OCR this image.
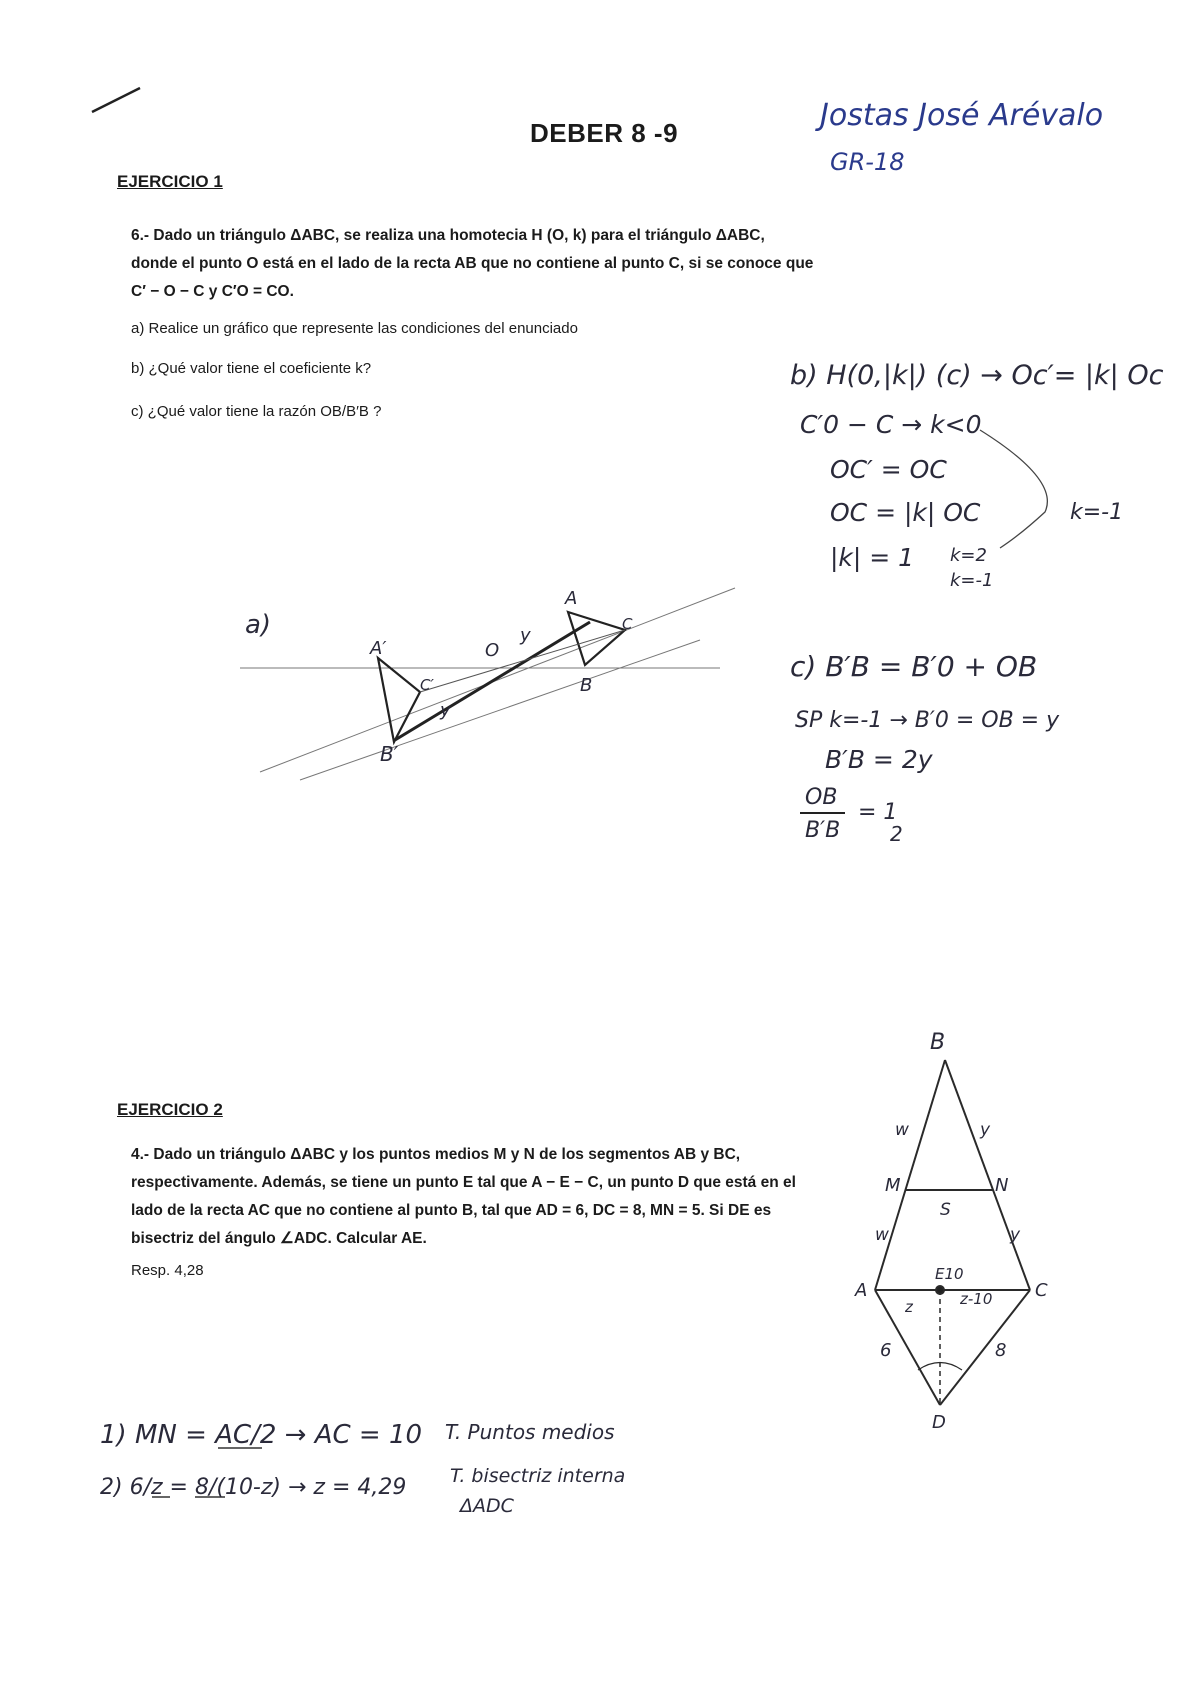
DEBER 8 -9	Jostas José Arévalo
GR-18
EJERCICIO 1
6.- Dado un triángulo ΔABC, se realiza una homotecia H (O, k) para el triángulo ΔABC,
donde el punto O está en el lado de la recta AB que no contiene al punto C, si se conoce que
C′ − O − C y C′O = CO.
a) Realice un gráfico que represente las condiciones del enunciado
b) ¿Qué valor tiene el coeficiente k?
c) ¿Qué valor tiene la razón OB/B′B ?
b) H(0,|k|) (c) → Oc′= |k| Oc
C′0 − C → k<0
OC′ = OC
OC = |k| OC
|k| = 1 k=2
k=-1
k=-1
c) B′B = B′0 + OB
SP k=-1 → B′0 = OB = y
B′B = 2y
OB
B′B
= 1
2
a)
A
B
C
A′
B′
C′
O
y
y
EJERCICIO 2
4.- Dado un triángulo ΔABC y los puntos medios M y N de los segmentos AB y BC,
respectivamente. Además, se tiene un punto E tal que A − E − C, un punto D que está en el
lado de la recta AC que no contiene al punto B, tal que AD = 6, DC = 8, MN = 5. Si DE es
bisectriz del ángulo ∠ADC. Calcular AE.
Resp. 4,28
B
M	N
A	C
D
E10
S
w
w
y
y
z	z-10
6	8
1) MN = AC/2 → AC = 10 T. Puntos medios
2) 6/z = 8/(10-z) → z = 4,29 T. bisectriz interna
ΔADC
